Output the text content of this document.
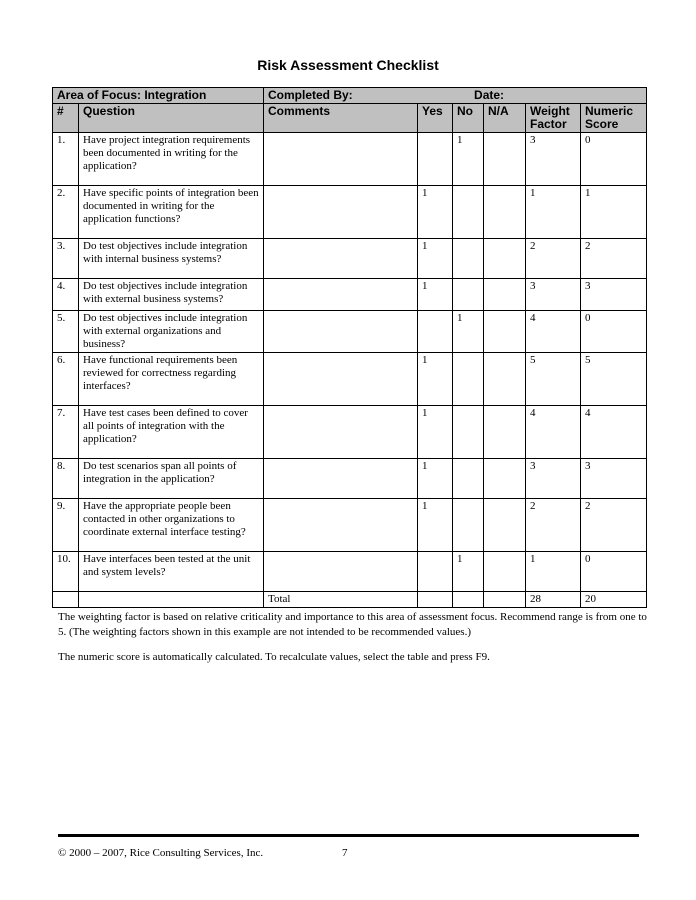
Risk Assessment Checklist
Area of Focus: Integration		Completed By: Date:					
#	Question	Comments	Yes	No	N/A	Weight Factor	Numeric Score
1.	Have project integration requirements been documented in writing for the application?			1		3	0
2.	Have specific points of integration been documented in writing for the application functions?		1			1	1
3.	Do test objectives include integration with internal business systems?		1			2	2
4.	Do test objectives include integration with external business systems?		1			3	3
5.	Do test objectives include integration with external organizations and business?			1		4	0
6.	Have functional requirements been reviewed for correctness regarding interfaces?		1			5	5
7.	Have test cases been defined to cover all points of integration with the application?		1			4	4
8.	Do test scenarios span all points of integration in the application?		1			3	3
9.	Have the appropriate people been contacted in other organizations to coordinate external interface testing?		1			2	2
10.	Have interfaces been tested at the unit and system levels?			1		1	0
		Total				28	20
The weighting factor is based on relative criticality and importance to this area of assessment focus. Recommend range is from one to 5. (The weighting factors shown in this example are not intended to be recommended values.)
The numeric score is automatically calculated. To recalculate values, select the table and press F9.
© 2000 – 2007, Rice Consulting Services, Inc.	7
